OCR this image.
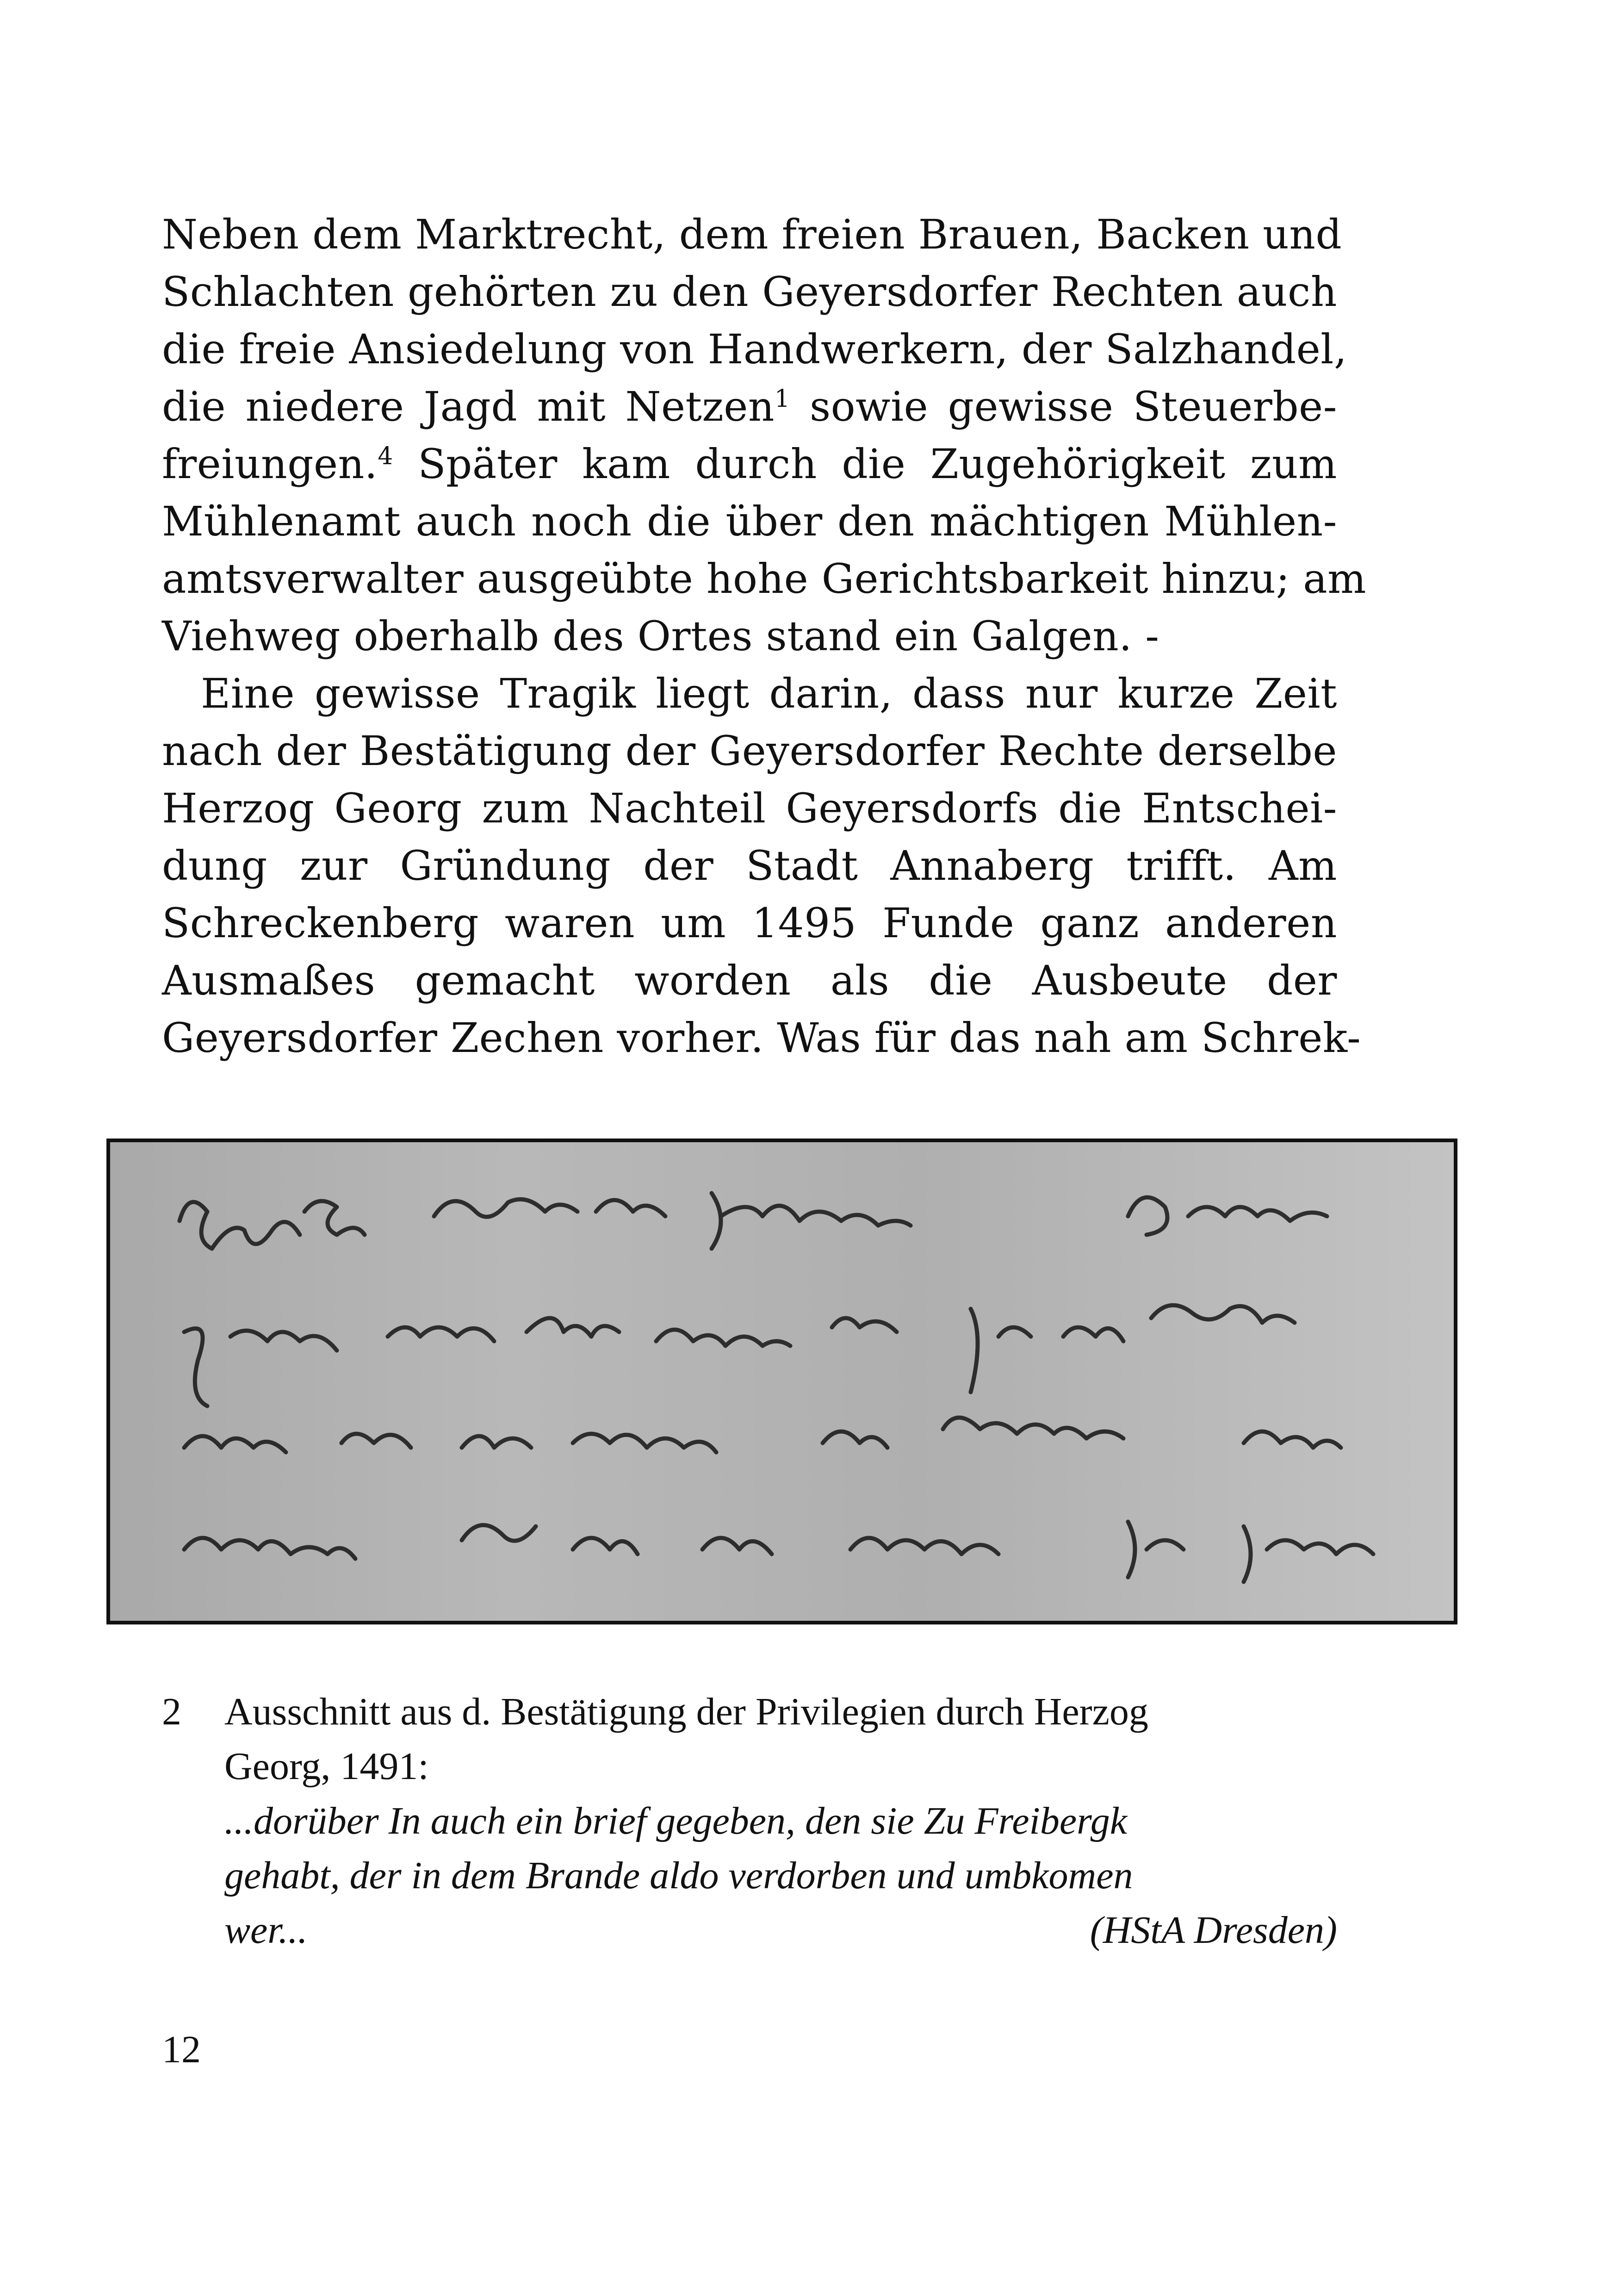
Neben dem Marktrecht, dem freien Brauen, Backen und
Schlachten gehörten zu den Geyersdorfer Rechten auch
die freie Ansiedelung von Handwerkern, der Salzhandel,
die niedere Jagd mit Netzen$^1$ sowie gewisse Steuerbe-
freiungen.$^4$ Später kam durch die Zugehörigkeit zum
Mühlenamt auch noch die über den mächtigen Mühlen-
amtsverwalter ausgeübte hohe Gerichtsbarkeit hinzu; am
Viehweg oberhalb des Ortes stand ein Galgen. -
Eine gewisse Tragik liegt darin, dass nur kurze Zeit
nach der Bestätigung der Geyersdorfer Rechte derselbe
Herzog Georg zum Nachteil Geyersdorfs die Entschei-
dung zur Gründung der Stadt Annaberg trifft. Am
Schreckenberg waren um 1495 Funde ganz anderen
Ausmaßes gemacht worden als die Ausbeute der
Geyersdorfer Zechen vorher. Was für das nah am Schrek-
2 Ausschnitt aus d. Bestätigung der Privilegien durch Herzog
Georg, 1491:
...dorüber In auch ein brief gegeben, den sie Zu Freibergk
gehabt, der in dem Brande aldo verdorben und umbkomen
wer...	(HStA Dresden)
12
